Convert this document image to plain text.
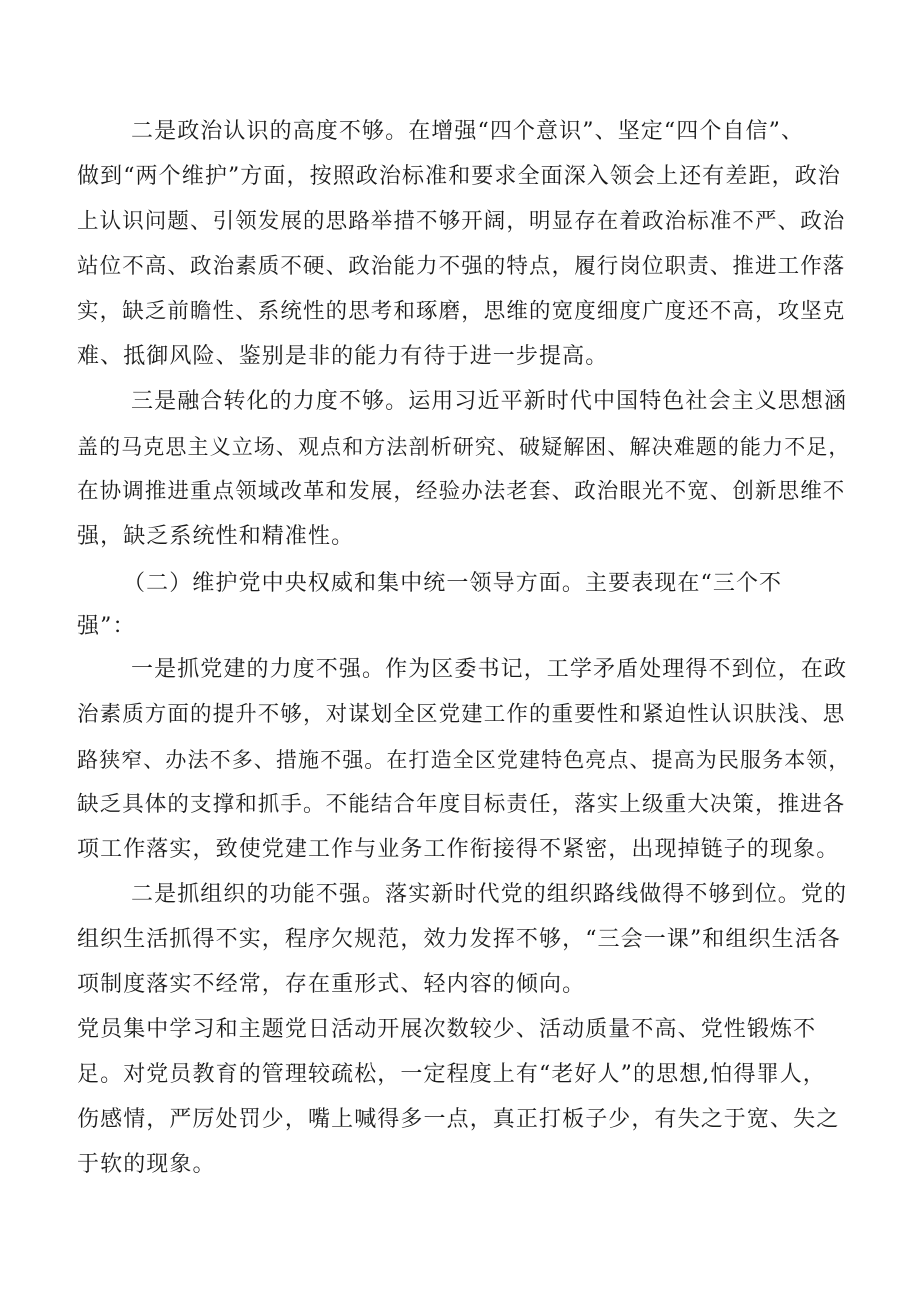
二是政治认识的高度不够。在增强“四个意识”、坚定“四个自信”、
做到“两个维护”方面，按照政治标准和要求全面深入领会上还有差距，政治
上认识问题、引领发展的思路举措不够开阔，明显存在着政治标准不严、政治
站位不高、政治素质不硬、政治能力不强的特点，履行岗位职责、推进工作落
实，缺乏前瞻性、系统性的思考和琢磨，思维的宽度细度广度还不高，攻坚克
难、抵御风险、鉴别是非的能力有待于进一步提高。
三是融合转化的力度不够。运用习近平新时代中国特色社会主义思想涵
盖的马克思主义立场、观点和方法剖析研究、破疑解困、解决难题的能力不足，
在协调推进重点领域改革和发展，经验办法老套、政治眼光不宽、创新思维不
强，缺乏系统性和精准性。
（二）维护党中央权威和集中统一领导方面。主要表现在“三个不
强”：
一是抓党建的力度不强。作为区委书记，工学矛盾处理得不到位，在政
治素质方面的提升不够，对谋划全区党建工作的重要性和紧迫性认识肤浅、思
路狭窄、办法不多、措施不强。在打造全区党建特色亮点、提高为民服务本领，
缺乏具体的支撑和抓手。不能结合年度目标责任，落实上级重大决策，推进各
项工作落实，致使党建工作与业务工作衔接得不紧密，出现掉链子的现象。
二是抓组织的功能不强。落实新时代党的组织路线做得不够到位。党的
组织生活抓得不实，程序欠规范，效力发挥不够，“三会一课”和组织生活各
项制度落实不经常，存在重形式、轻内容的倾向。
党员集中学习和主题党日活动开展次数较少、活动质量不高、党性锻炼不
足。对党员教育的管理较疏松，一定程度上有“老好人”的思想,怕得罪人，
伤感情，严厉处罚少，嘴上喊得多一点，真正打板子少，有失之于宽、失之
于软的现象。
